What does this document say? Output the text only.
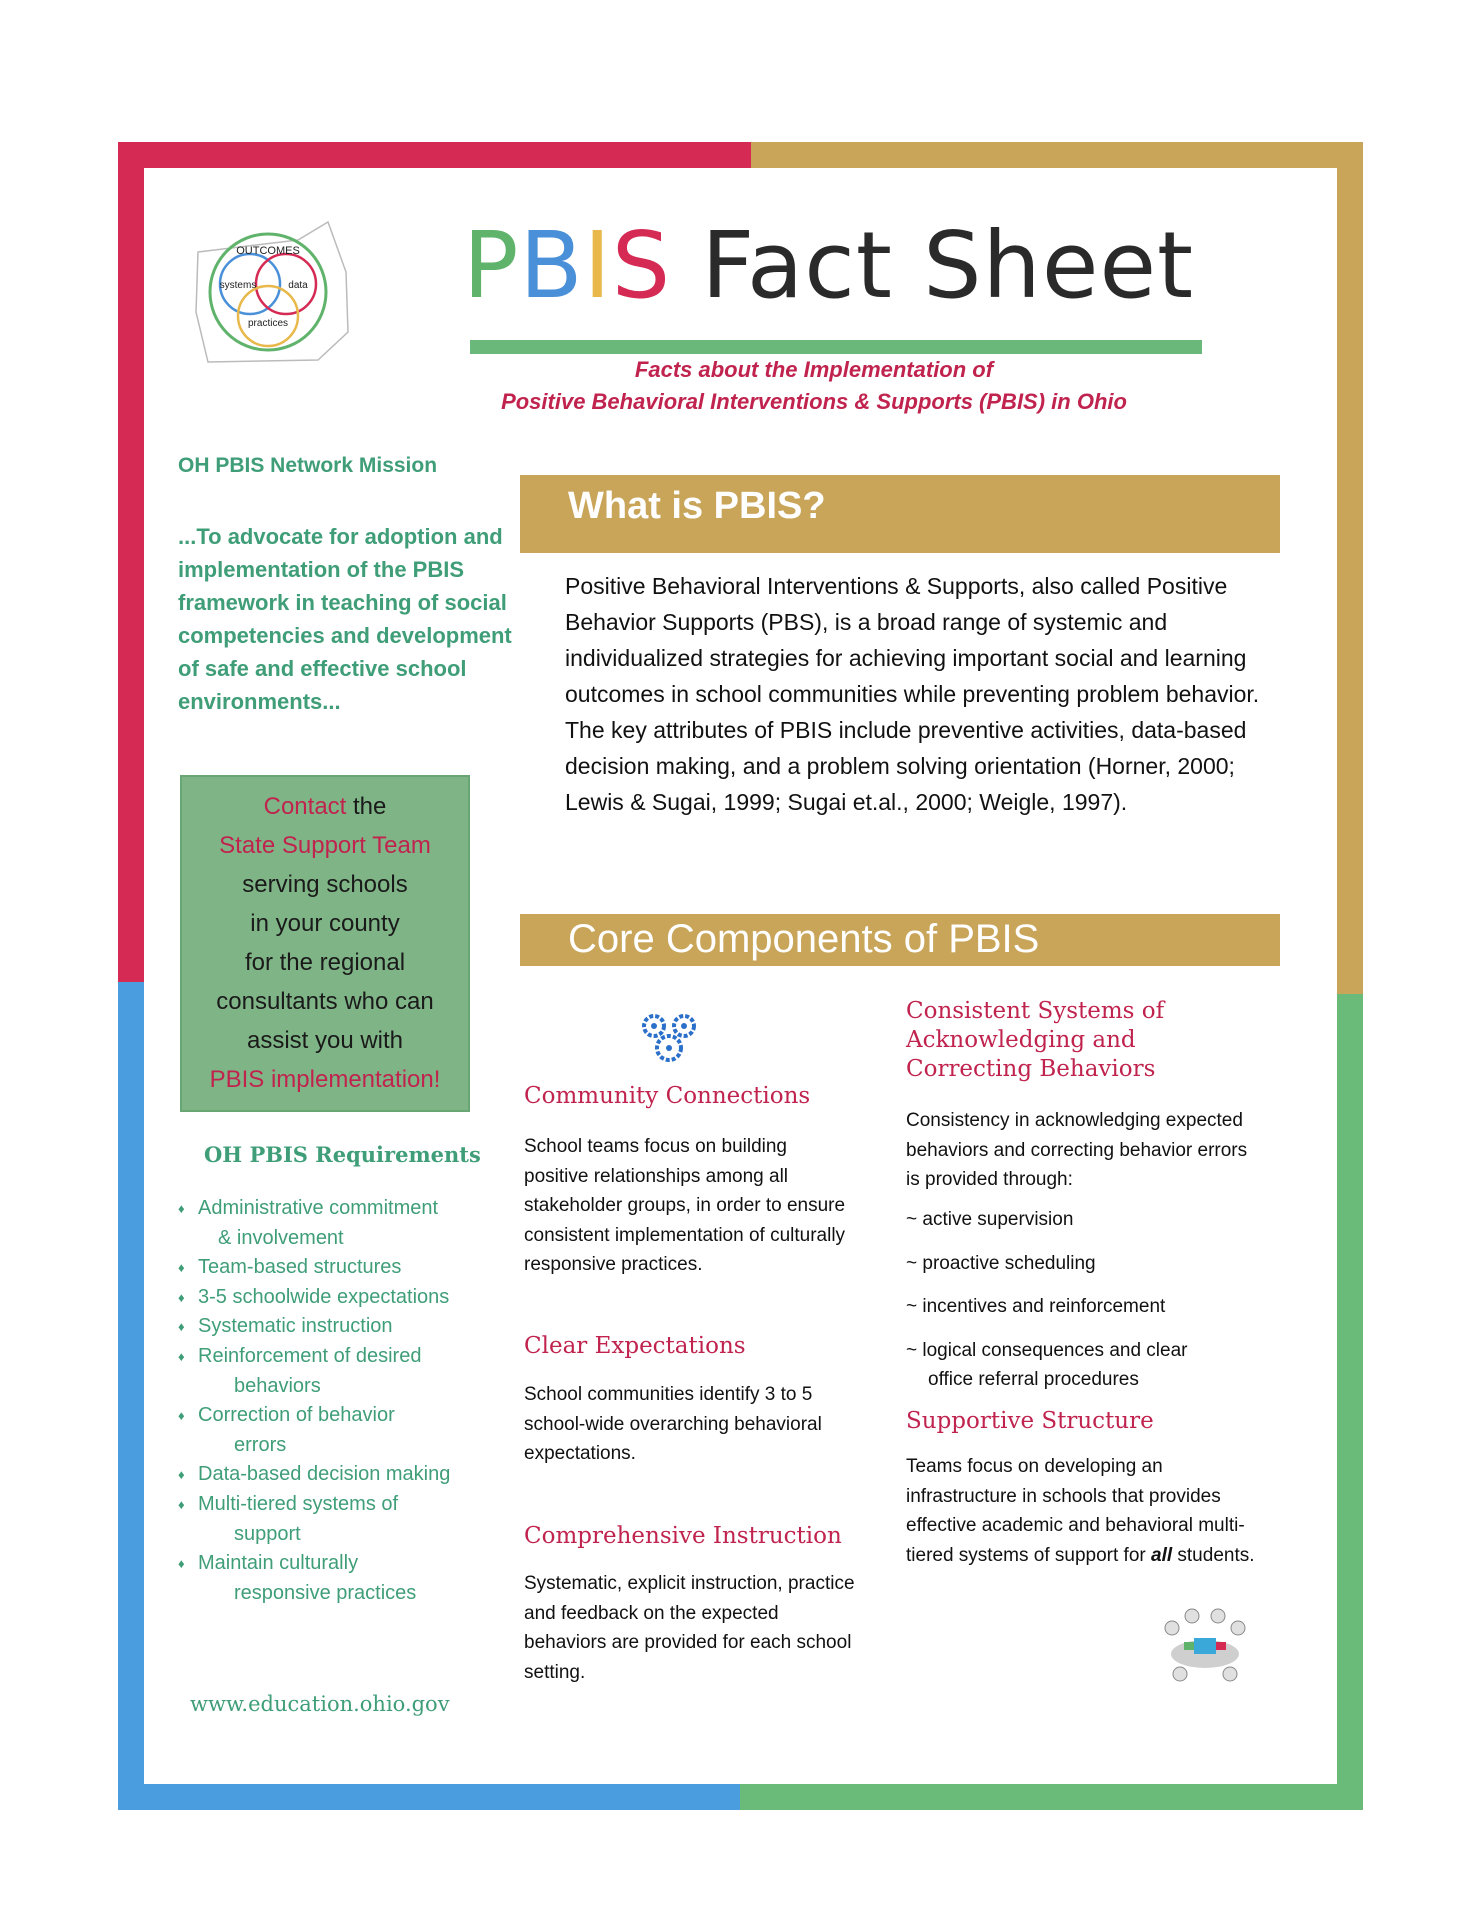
OUTCOMES
systems	data
practices
PBIS Fact Sheet
Facts about the Implementation of
Positive Behavioral Interventions & Supports (PBIS) in Ohio
OH PBIS Network Mission
...To advocate for adoption and implementation of the PBIS framework in teaching of social competencies and development of safe and effective school environments...
Contact the
State Support Team
serving schools
in your county
for the regional
consultants who can
assist you with
PBIS implementation!
OH PBIS Requirements
♦ Administrative commitment
& involvement
♦ Team-based structures
♦ 3-5 schoolwide expectations
♦ Systematic instruction
♦ Reinforcement of desired
behaviors
♦ Correction of behavior
errors
♦ Data-based decision making
♦ Multi-tiered systems of
support
♦ Maintain culturally
responsive practices
www.education.ohio.gov
What is PBIS?
Positive Behavioral Interventions & Supports, also called Positive Behavior Supports (PBS), is a broad range of systemic and individualized strategies for achieving important social and learning outcomes in school communities while preventing problem behavior. The key attributes of PBIS include preventive activities, data-based decision making, and a problem solving orientation (Horner, 2000; Lewis & Sugai, 1999; Sugai et.al., 2000; Weigle, 1997).
Core Components of PBIS
Community Connections
School teams focus on building positive relationships among all stakeholder groups, in order to ensure consistent implementation of culturally responsive practices.
Clear Expectations
School communities identify 3 to 5 school-wide overarching behavioral expectations.
Comprehensive Instruction
Systematic, explicit instruction, practice and feedback on the expected behaviors are provided for each school setting.
Consistent Systems of Acknowledging and Correcting Behaviors
Consistency in acknowledging expected behaviors and correcting behavior errors is provided through:
~ active supervision
~ proactive scheduling
~ incentives and reinforcement
~ logical consequences and clear
office referral procedures
Supportive Structure
Teams focus on developing an infrastructure in schools that provides effective academic and behavioral multi-tiered systems of support for all students.
